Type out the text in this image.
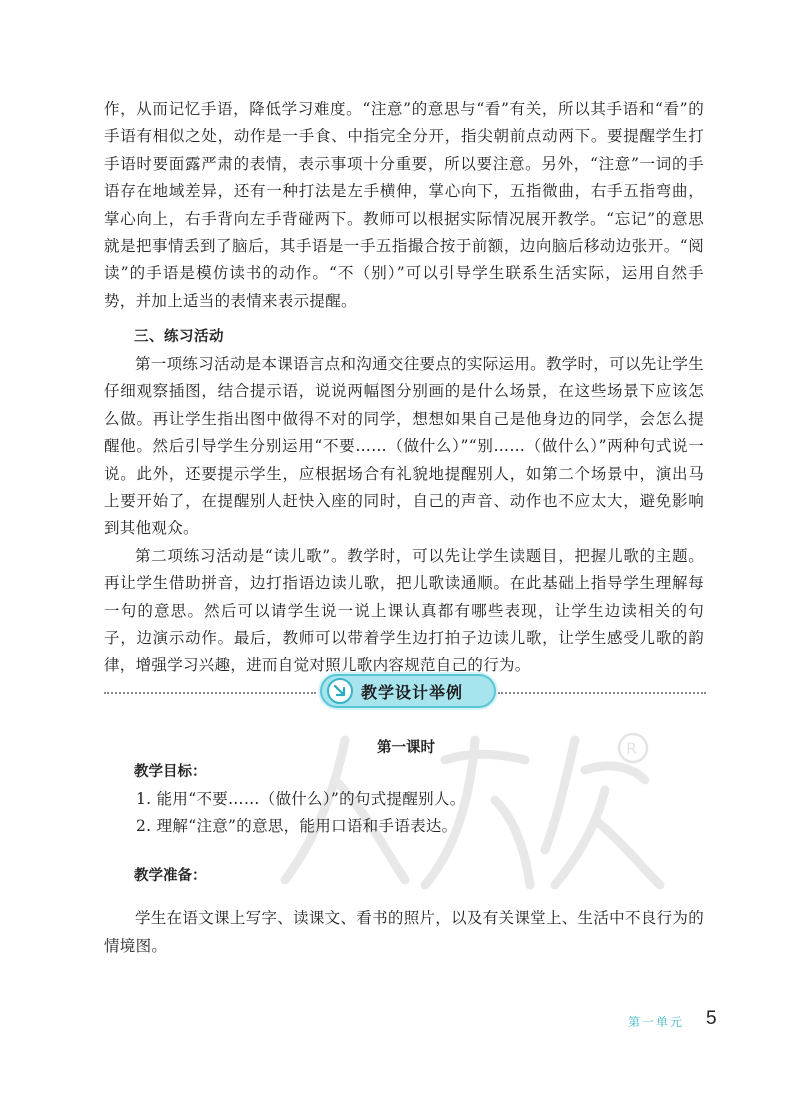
R

作，从而记忆手语，降低学习难度。“注意”的意思与“看”有关，所以其手语和“看”的手语有相似之处，动作是一手食、中指完全分开，指尖朝前点动两下。要提醒学生打手语时要面露严肃的表情，表示事项十分重要，所以要注意。另外，“注意”一词的手语存在地域差异，还有一种打法是左手横伸，掌心向下，五指微曲，右手五指弯曲，掌心向上，右手背向左手背碰两下。教师可以根据实际情况展开教学。“忘记”的意思就是把事情丢到了脑后，其手语是一手五指撮合按于前额，边向脑后移动边张开。“阅读”的手语是模仿读书的动作。“不（别）”可以引导学生联系生活实际，运用自然手势，并加上适当的表情来表示提醒。

三、练习活动

第一项练习活动是本课语言点和沟通交往要点的实际运用。教学时，可以先让学生仔细观察插图，结合提示语，说说两幅图分别画的是什么场景，在这些场景下应该怎么做。再让学生指出图中做得不对的同学，想想如果自己是他身边的同学，会怎么提醒他。然后引导学生分别运用“不要……（做什么）”“别……（做什么）”两种句式说一说。此外，还要提示学生，应根据场合有礼貌地提醒别人，如第二个场景中，演出马上要开始了，在提醒别人赶快入座的同时，自己的声音、动作也不应太大，避免影响到其他观众。

第二项练习活动是“读儿歌”。教学时，可以先让学生读题目，把握儿歌的主题。再让学生借助拼音，边打指语边读儿歌，把儿歌读通顺。在此基础上指导学生理解每一句的意思。然后可以请学生说一说上课认真都有哪些表现，让学生边读相关的句子，边演示动作。最后，教师可以带着学生边打拍子边读儿歌，让学生感受儿歌的韵律，增强学习兴趣，进而自觉对照儿歌内容规范自己的行为。

教学设计举例
第一课时
教学目标：
1. 能用“不要……（做什么）”的句式提醒别人。
2. 理解“注意”的意思，能用口语和手语表达。
教学准备：

学生在语文课上写字、读课文、看书的照片，以及有关课堂上、生活中不良行为的情境图。

第一单元 5
